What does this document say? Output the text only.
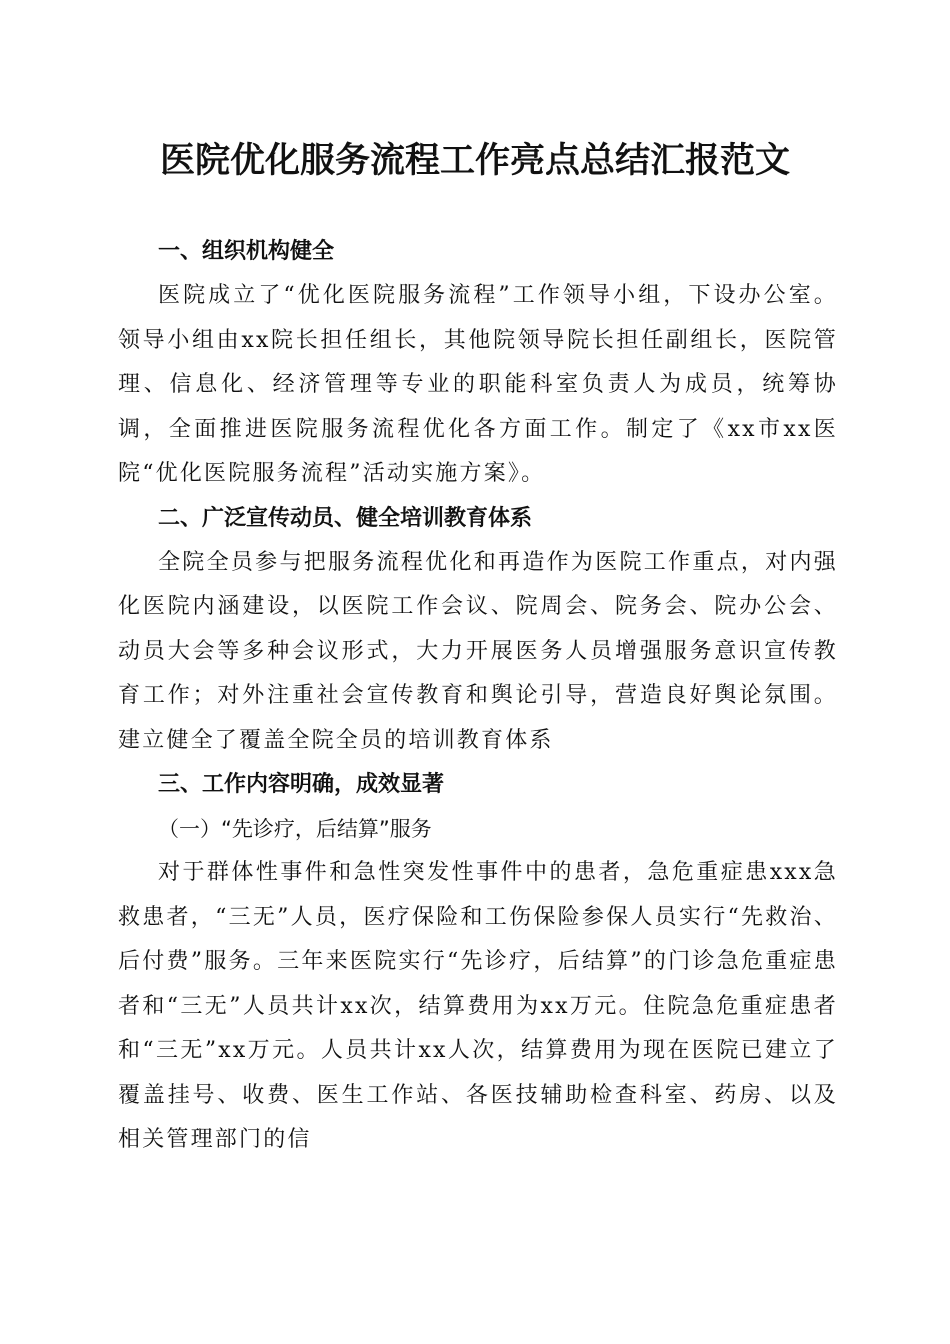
医院优化服务流程工作亮点总结汇报范文
一、组织机构健全

医院成立了“优化医院服务流程”工作领导小组，下设办公室。领导小组由xx院长担任组长，其他院领导院长担任副组长，医院管理、信息化、经济管理等专业的职能科室负责人为成员，统筹协调，全面推进医院服务流程优化各方面工作。制定了《xx市xx医院“优化医院服务流程”活动实施方案》。

二、广泛宣传动员、健全培训教育体系

全院全员参与把服务流程优化和再造作为医院工作重点，对内强化医院内涵建设，以医院工作会议、院周会、院务会、院办公会、动员大会等多种会议形式，大力开展医务人员增强服务意识宣传教育工作；对外注重社会宣传教育和舆论引导，营造良好舆论氛围。建立健全了覆盖全院全员的培训教育体系

三、工作内容明确，成效显著
（一）“先诊疗，后结算”服务

对于群体性事件和急性突发性事件中的患者，急危重症患xxx急救患者，“三无”人员，医疗保险和工伤保险参保人员实行“先救治、后付费”服务。三年来医院实行“先诊疗，后结算”的门诊急危重症患者和“三无”人员共计xx次，结算费用为xx万元。住院急危重症患者和“三无”xx万元。人员共计xx人次，结算费用为现在医院已建立了覆盖挂号、收费、医生工作站、各医技辅助检查科室、药房、以及相关管理部门的信
